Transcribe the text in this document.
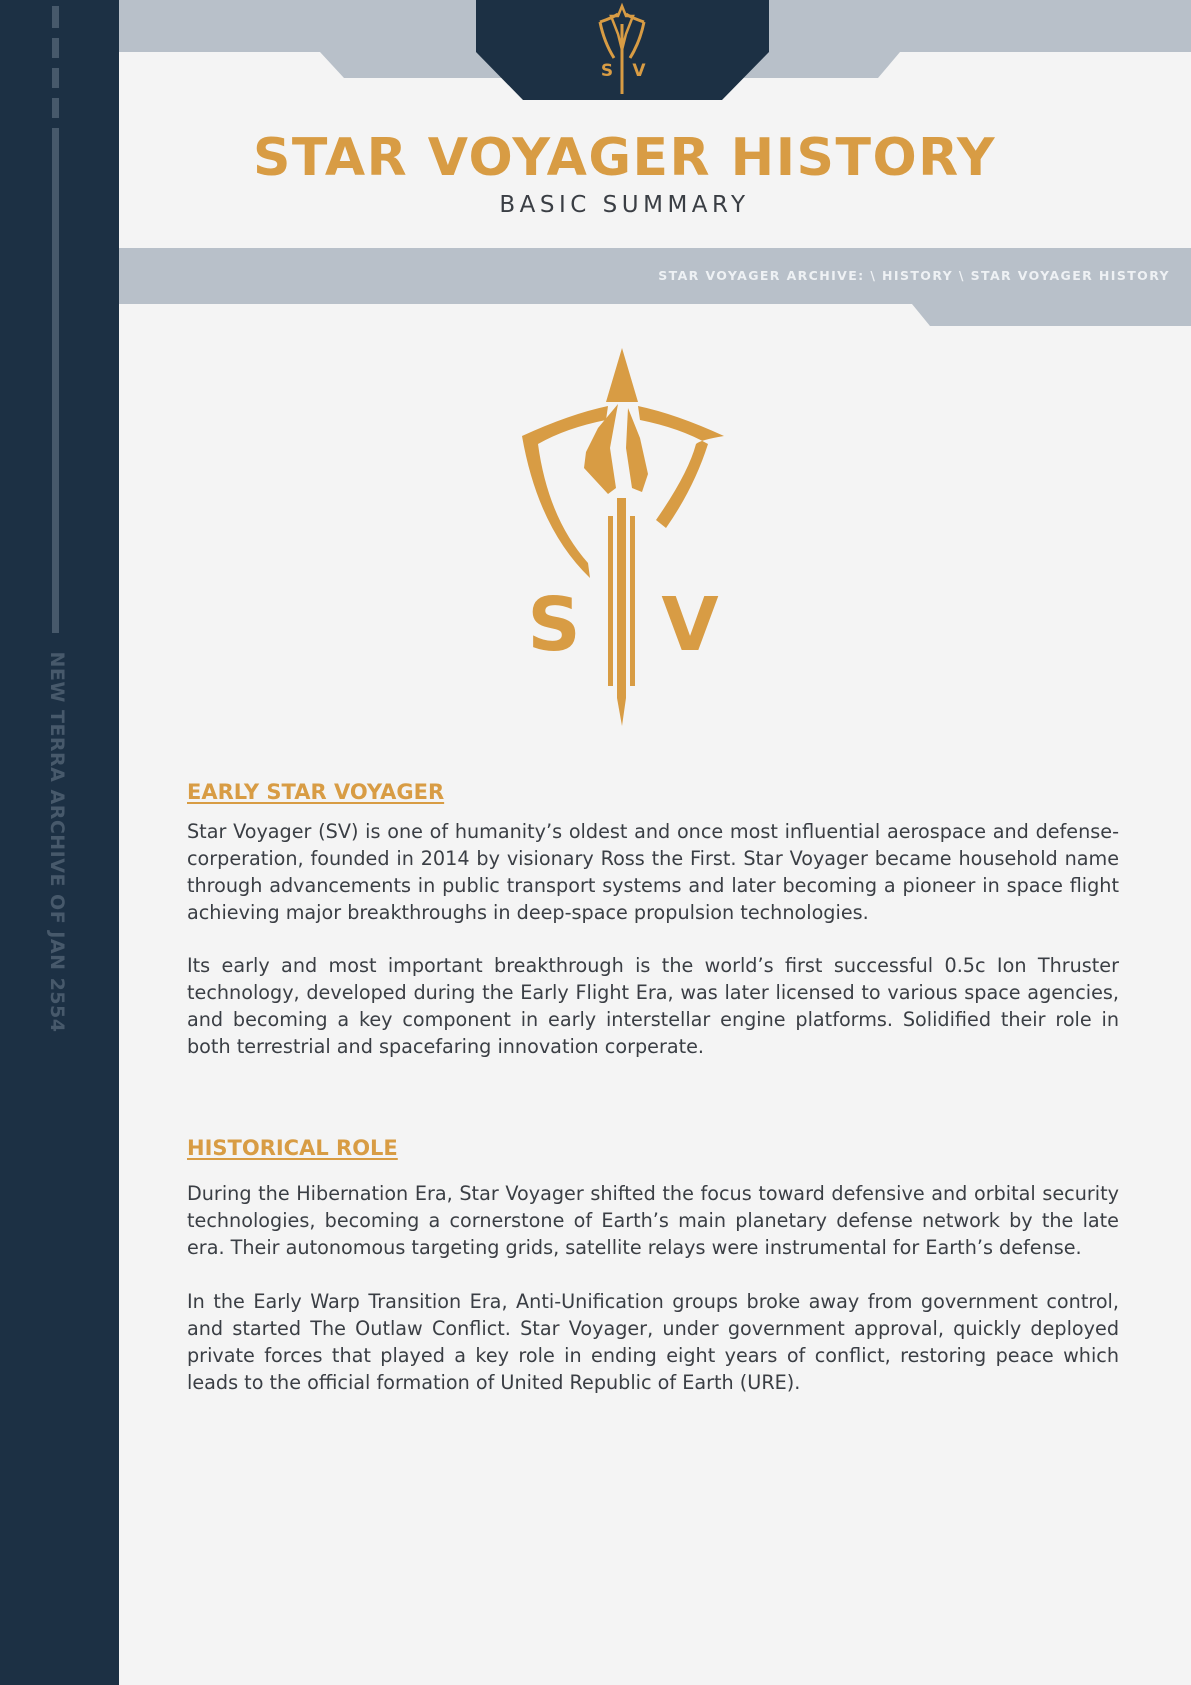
NEW TERRA ARCHIVE OF JAN 2554
S V
STAR VOYAGER HISTORY
BASIC SUMMARY
STAR VOYAGER ARCHIVE: \ HISTORY \ STAR VOYAGER HISTORY
S V
EARLY STAR VOYAGER

Star Voyager (SV) is one of humanity’s oldest and once most influential aerospace and defense-corperation, founded in 2014 by visionary Ross the First. Star Voyager became household name through advancements in public transport systems and later becoming a pioneer in space flight achieving major breakthroughs in deep-space propulsion technologies.

Its early and most important breakthrough is the world’s first successful 0.5c Ion Thruster technology, developed during the Early Flight Era, was later licensed to various space agencies, and becoming a key component in early interstellar engine platforms. Solidified their role in both terrestrial and spacefaring innovation corperate.

HISTORICAL ROLE

During the Hibernation Era, Star Voyager shifted the focus toward defensive and orbital security technologies, becoming a cornerstone of Earth’s main planetary defense network by the late era. Their autonomous targeting grids, satellite relays were instrumental for Earth’s defense.

In the Early Warp Transition Era, Anti-Unification groups broke away from government control, and started The Outlaw Conflict. Star Voyager, under government approval, quickly deployed private forces that played a key role in ending eight years of conflict, restoring peace which leads to the official formation of United Republic of Earth (URE).
